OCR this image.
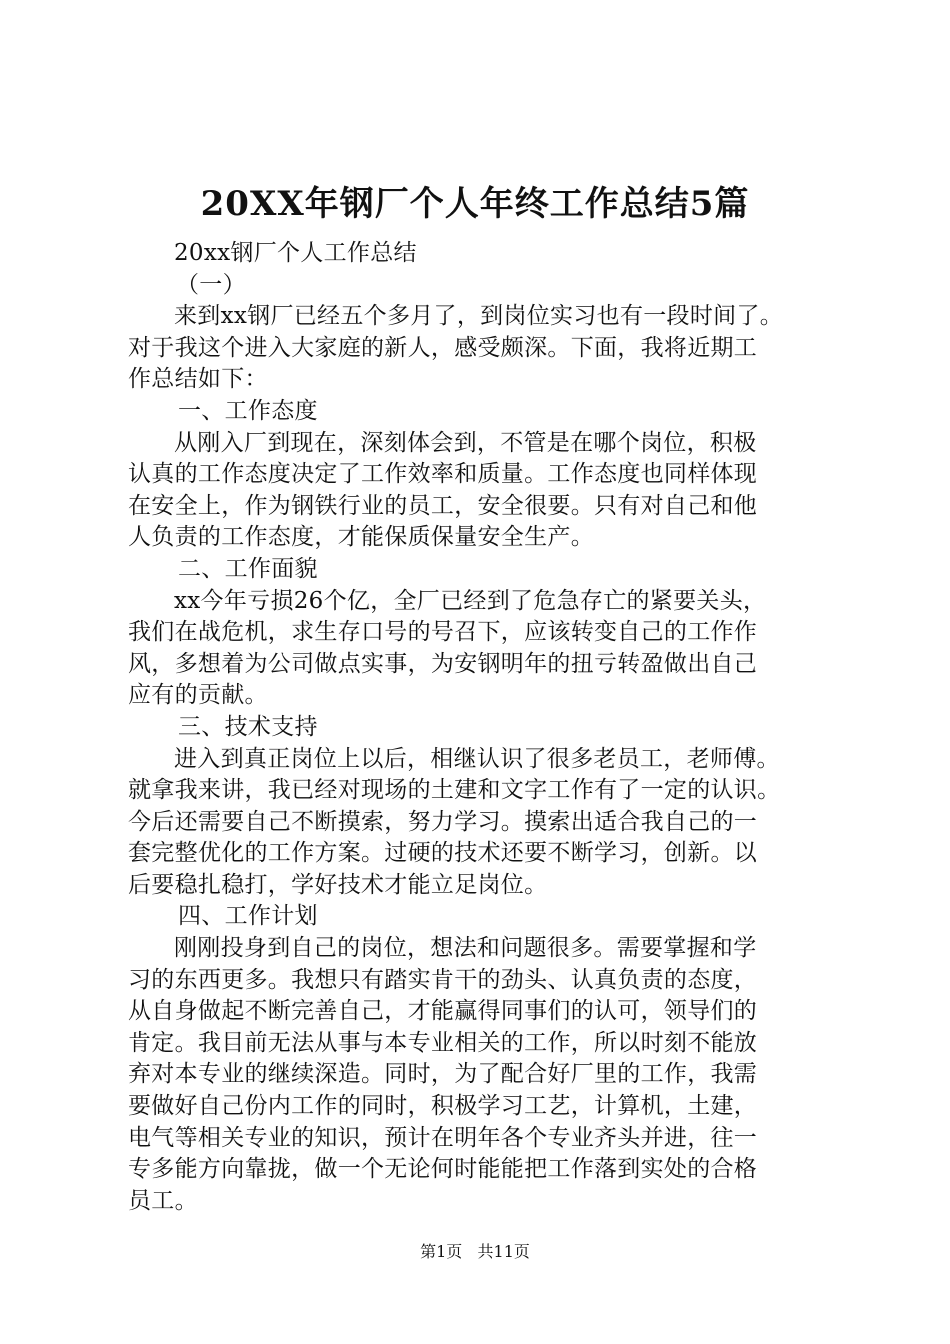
20XX年钢厂个人年终工作总结5篇
20xx钢厂个人工作总结
（一）
来到xx钢厂已经五个多月了，到岗位实习也有一段时间了。
对于我这个进入大家庭的新人，感受颇深。下面，我将近期工
作总结如下：
一、工作态度
从刚入厂到现在，深刻体会到，不管是在哪个岗位，积极
认真的工作态度决定了工作效率和质量。工作态度也同样体现
在安全上，作为钢铁行业的员工，安全很要。只有对自己和他
人负责的工作态度，才能保质保量安全生产。
二、工作面貌
xx今年亏损26个亿，全厂已经到了危急存亡的紧要关头，
我们在战危机，求生存口号的号召下，应该转变自己的工作作
风，多想着为公司做点实事，为安钢明年的扭亏转盈做出自己
应有的贡献。
三、技术支持
进入到真正岗位上以后，相继认识了很多老员工，老师傅。
就拿我来讲，我已经对现场的土建和文字工作有了一定的认识。
今后还需要自己不断摸索，努力学习。摸索出适合我自己的一
套完整优化的工作方案。过硬的技术还要不断学习，创新。以
后要稳扎稳打，学好技术才能立足岗位。
四、工作计划
刚刚投身到自己的岗位，想法和问题很多。需要掌握和学
习的东西更多。我想只有踏实肯干的劲头、认真负责的态度，
从自身做起不断完善自己，才能赢得同事们的认可，领导们的
肯定。我目前无法从事与本专业相关的工作，所以时刻不能放
弃对本专业的继续深造。同时，为了配合好厂里的工作，我需
要做好自己份内工作的同时，积极学习工艺，计算机，土建，
电气等相关专业的知识，预计在明年各个专业齐头并进，往一
专多能方向靠拢，做一个无论何时能能把工作落到实处的合格
员工。
第1页 共11页
